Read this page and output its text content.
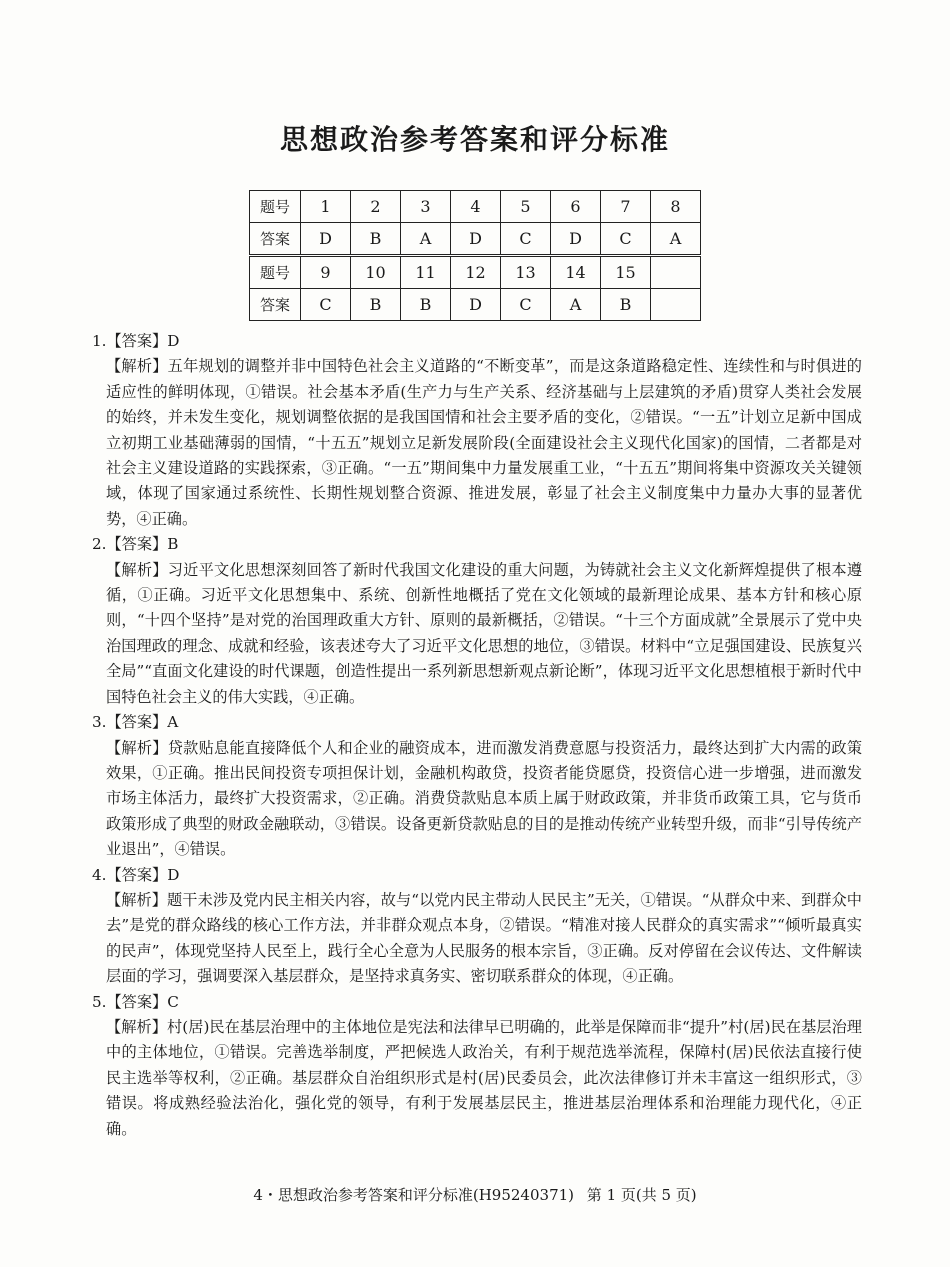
思想政治参考答案和评分标准
题号	1	2	3	4	5	6	7	8
答案	D	B	A	D	C	D	C	A
题号	9	10	11	12	13	14	15	
答案	C	B	B	D	C	A	B	

1.【答案】D

【解析】五年规划的调整并非中国特色社会主义道路的“不断变革”，而是这条道路稳定性、连续性和与时俱进的适应性的鲜明体现，①错误。社会基本矛盾(生产力与生产关系、经济基础与上层建筑的矛盾)贯穿人类社会发展的始终，并未发生变化，规划调整依据的是我国国情和社会主要矛盾的变化，②错误。“一五”计划立足新中国成立初期工业基础薄弱的国情，“十五五”规划立足新发展阶段(全面建设社会主义现代化国家)的国情，二者都是对社会主义建设道路的实践探索，③正确。“一五”期间集中力量发展重工业，“十五五”期间将集中资源攻关关键领域，体现了国家通过系统性、长期性规划整合资源、推进发展，彰显了社会主义制度集中力量办大事的显著优势，④正确。

2.【答案】B

【解析】习近平文化思想深刻回答了新时代我国文化建设的重大问题，为铸就社会主义文化新辉煌提供了根本遵循，①正确。习近平文化思想集中、系统、创新性地概括了党在文化领域的最新理论成果、基本方针和核心原则，“十四个坚持”是对党的治国理政重大方针、原则的最新概括，②错误。“十三个方面成就”全景展示了党中央治国理政的理念、成就和经验，该表述夸大了习近平文化思想的地位，③错误。材料中“立足强国建设、民族复兴全局”“直面文化建设的时代课题，创造性提出一系列新思想新观点新论断”，体现习近平文化思想植根于新时代中国特色社会主义的伟大实践，④正确。

3.【答案】A

【解析】贷款贴息能直接降低个人和企业的融资成本，进而激发消费意愿与投资活力，最终达到扩大内需的政策效果，①正确。推出民间投资专项担保计划，金融机构敢贷，投资者能贷愿贷，投资信心进一步增强，进而激发市场主体活力，最终扩大投资需求，②正确。消费贷款贴息本质上属于财政政策，并非货币政策工具，它与货币政策形成了典型的财政金融联动，③错误。设备更新贷款贴息的目的是推动传统产业转型升级，而非“引导传统产业退出”，④错误。

4.【答案】D

【解析】题干未涉及党内民主相关内容，故与“以党内民主带动人民民主”无关，①错误。“从群众中来、到群众中去”是党的群众路线的核心工作方法，并非群众观点本身，②错误。“精准对接人民群众的真实需求”“倾听最真实的民声”，体现党坚持人民至上，践行全心全意为人民服务的根本宗旨，③正确。反对停留在会议传达、文件解读层面的学习，强调要深入基层群众，是坚持求真务实、密切联系群众的体现，④正确。

5.【答案】C

【解析】村(居)民在基层治理中的主体地位是宪法和法律早已明确的，此举是保障而非“提升”村(居)民在基层治理中的主体地位，①错误。完善选举制度，严把候选人政治关，有利于规范选举流程，保障村(居)民依法直接行使民主选举等权利，②正确。基层群众自治组织形式是村(居)民委员会，此次法律修订并未丰富这一组织形式，③错误。将成熟经验法治化，强化党的领导，有利于发展基层民主，推进基层治理体系和治理能力现代化，④正确。

4・思想政治参考答案和评分标准(H95240371) 第 1 页(共 5 页)
